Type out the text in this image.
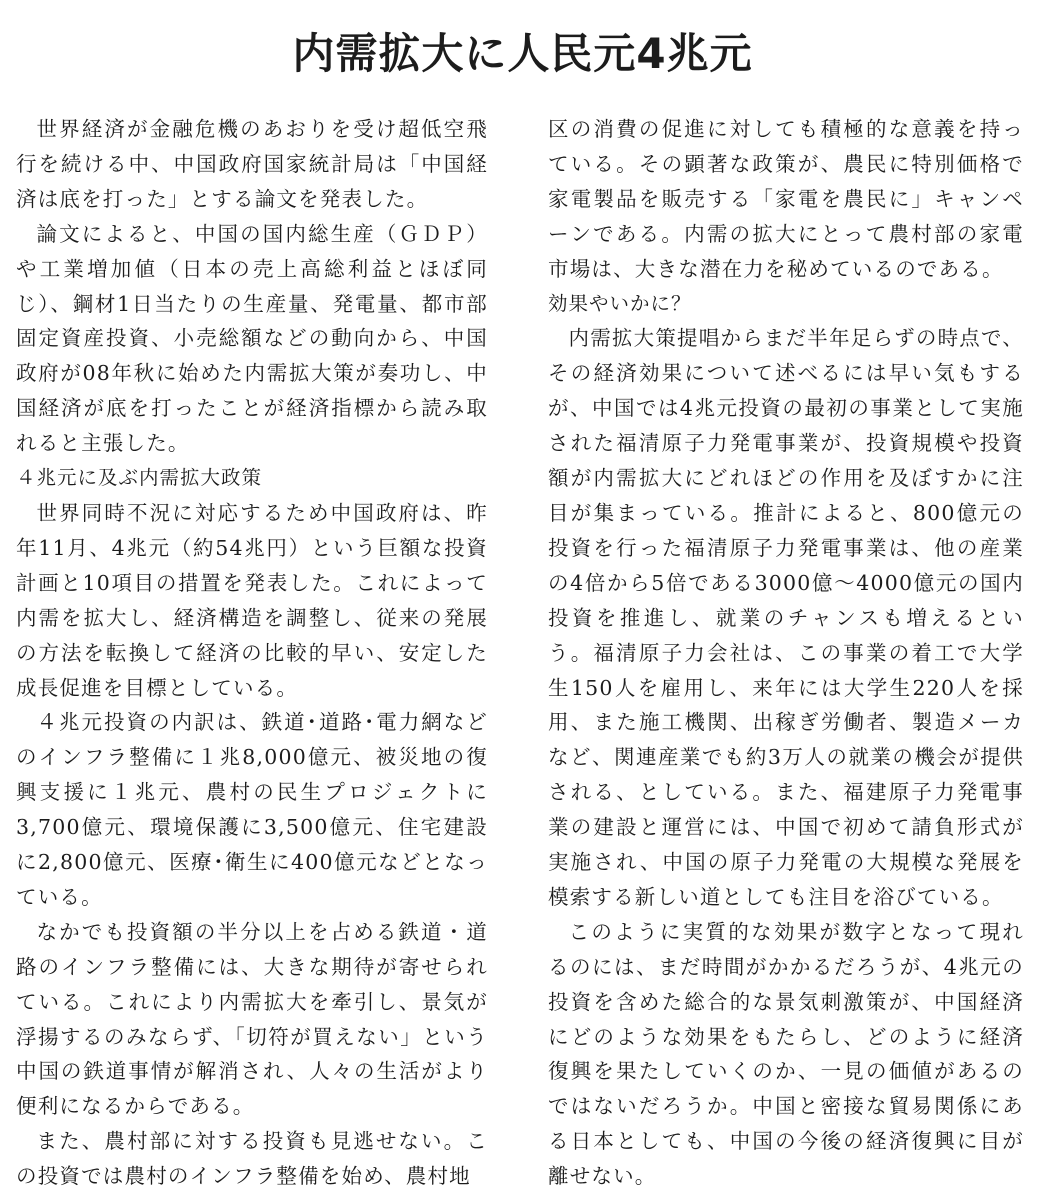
内需拡大に人民元4兆元

世界経済が金融危機のあおりを受け超低空飛行を続ける中、中国政府国家統計局は「中国経済は底を打った」とする論文を発表した。

論文によると、中国の国内総生産（ＧＤＰ）や工業増加値（日本の売上高総利益とほぼ同じ）、鋼材1日当たりの生産量、発電量、都市部固定資産投資、小売総額などの動向から、中国政府が08年秋に始めた内需拡大策が奏功し、中国経済が底を打ったことが経済指標から読み取れると主張した。

４兆元に及ぶ内需拡大政策

世界同時不況に対応するため中国政府は、昨年11月、4兆元（約54兆円）という巨額な投資計画と10項目の措置を発表した。これによって内需を拡大し、経済構造を調整し、従来の発展の方法を転換して経済の比較的早い、安定した成長促進を目標としている。

４兆元投資の内訳は、鉄道･道路･電力網などのインフラ整備に１兆8,000億元、被災地の復興支援に１兆元、農村の民生プロジェクトに3,700億元、環境保護に3,500億元、住宅建設に2,800億元、医療･衛生に400億元などとなっている。

なかでも投資額の半分以上を占める鉄道・道路のインフラ整備には、大きな期待が寄せられている。これにより内需拡大を牽引し、景気が浮揚するのみならず、「切符が買えない」という中国の鉄道事情が解消され、人々の生活がより便利になるからである。

また、農村部に対する投資も見逃せない。この投資では農村のインフラ整備を始め、農村地

区の消費の促進に対しても積極的な意義を持っている。その顕著な政策が、農民に特別価格で家電製品を販売する「家電を農民に」キャンペーンである。内需の拡大にとって農村部の家電市場は、大きな潜在力を秘めているのである。

効果やいかに？

内需拡大策提唱からまだ半年足らずの時点で、その経済効果について述べるには早い気もするが、中国では4兆元投資の最初の事業として実施された福清原子力発電事業が、投資規模や投資額が内需拡大にどれほどの作用を及ぼすかに注目が集まっている。推計によると、800億元の投資を行った福清原子力発電事業は、他の産業の4倍から5倍である3000億～4000億元の国内投資を推進し、就業のチャンスも増えるという。福清原子力会社は、この事業の着工で大学生150人を雇用し、来年には大学生220人を採用、また施工機関、出稼ぎ労働者、製造メーカなど、関連産業でも約3万人の就業の機会が提供される、としている。また、福建原子力発電事業の建設と運営には、中国で初めて請負形式が実施され、中国の原子力発電の大規模な発展を模索する新しい道としても注目を浴びている。

このように実質的な効果が数字となって現れるのには、まだ時間がかかるだろうが、4兆元の投資を含めた総合的な景気刺激策が、中国経済にどのような効果をもたらし、どのように経済復興を果たしていくのか、一見の価値があるのではないだろうか。中国と密接な貿易関係にある日本としても、中国の今後の経済復興に目が離せない。
